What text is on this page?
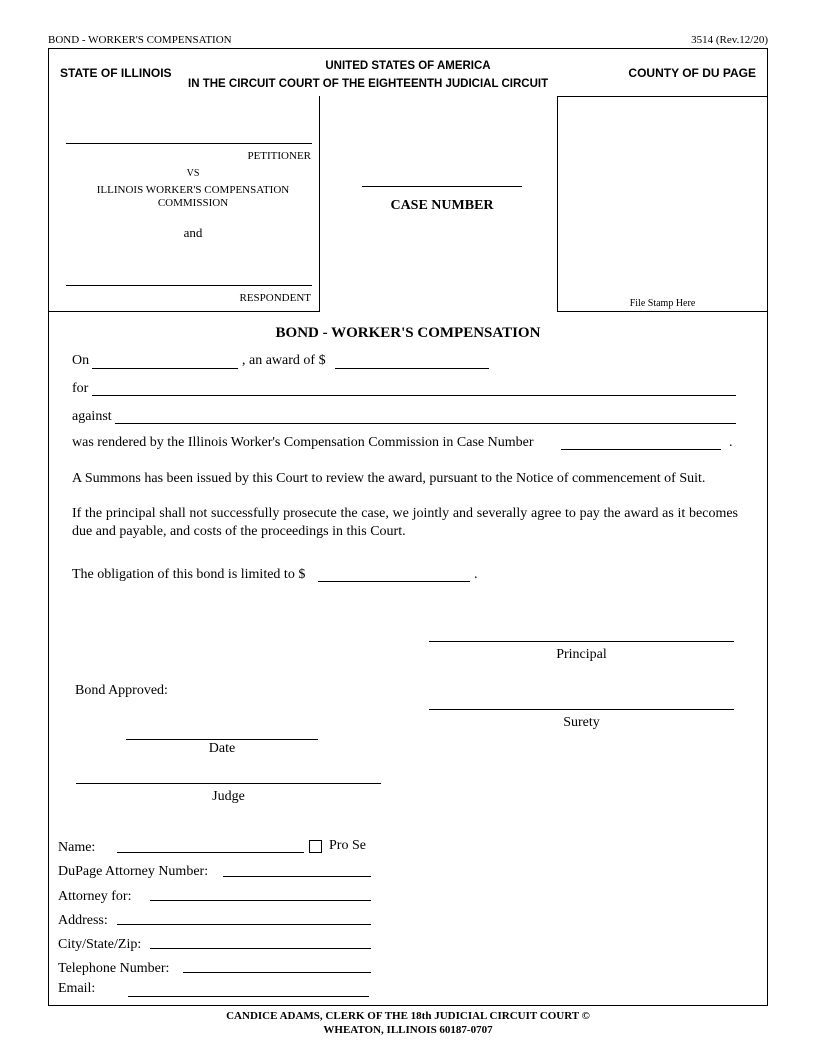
BOND - WORKER'S COMPENSATION	3514 (Rev.12/20)
STATE OF ILLINOIS	UNITED STATES OF AMERICA
IN THE CIRCUIT COURT OF THE EIGHTEENTH JUDICIAL CIRCUIT
COUNTY OF DU PAGE
PETITIONER
VS
ILLINOIS WORKER'S COMPENSATION
COMMISSION
and
RESPONDENT
CASE NUMBER
File Stamp Here
BOND - WORKER'S COMPENSATION
On	, an award of $
for
against
was rendered by the Illinois Worker's Compensation Commission in Case Number	.
A Summons has been issued by this Court to review the award, pursuant to the Notice of commencement of Suit.
If the principal shall not successfully prosecute the case, we jointly and severally agree to pay the award as it becomes due and payable, and costs of the proceedings in this Court.
The obligation of this bond is limited to $	.
Principal
Surety
Bond Approved:
Date
Judge
Name:	Pro Se
DuPage Attorney Number:
Attorney for:
Address:
City/State/Zip:
Telephone Number:
Email:
CANDICE ADAMS, CLERK OF THE 18th JUDICIAL CIRCUIT COURT ©
WHEATON, ILLINOIS 60187-0707
